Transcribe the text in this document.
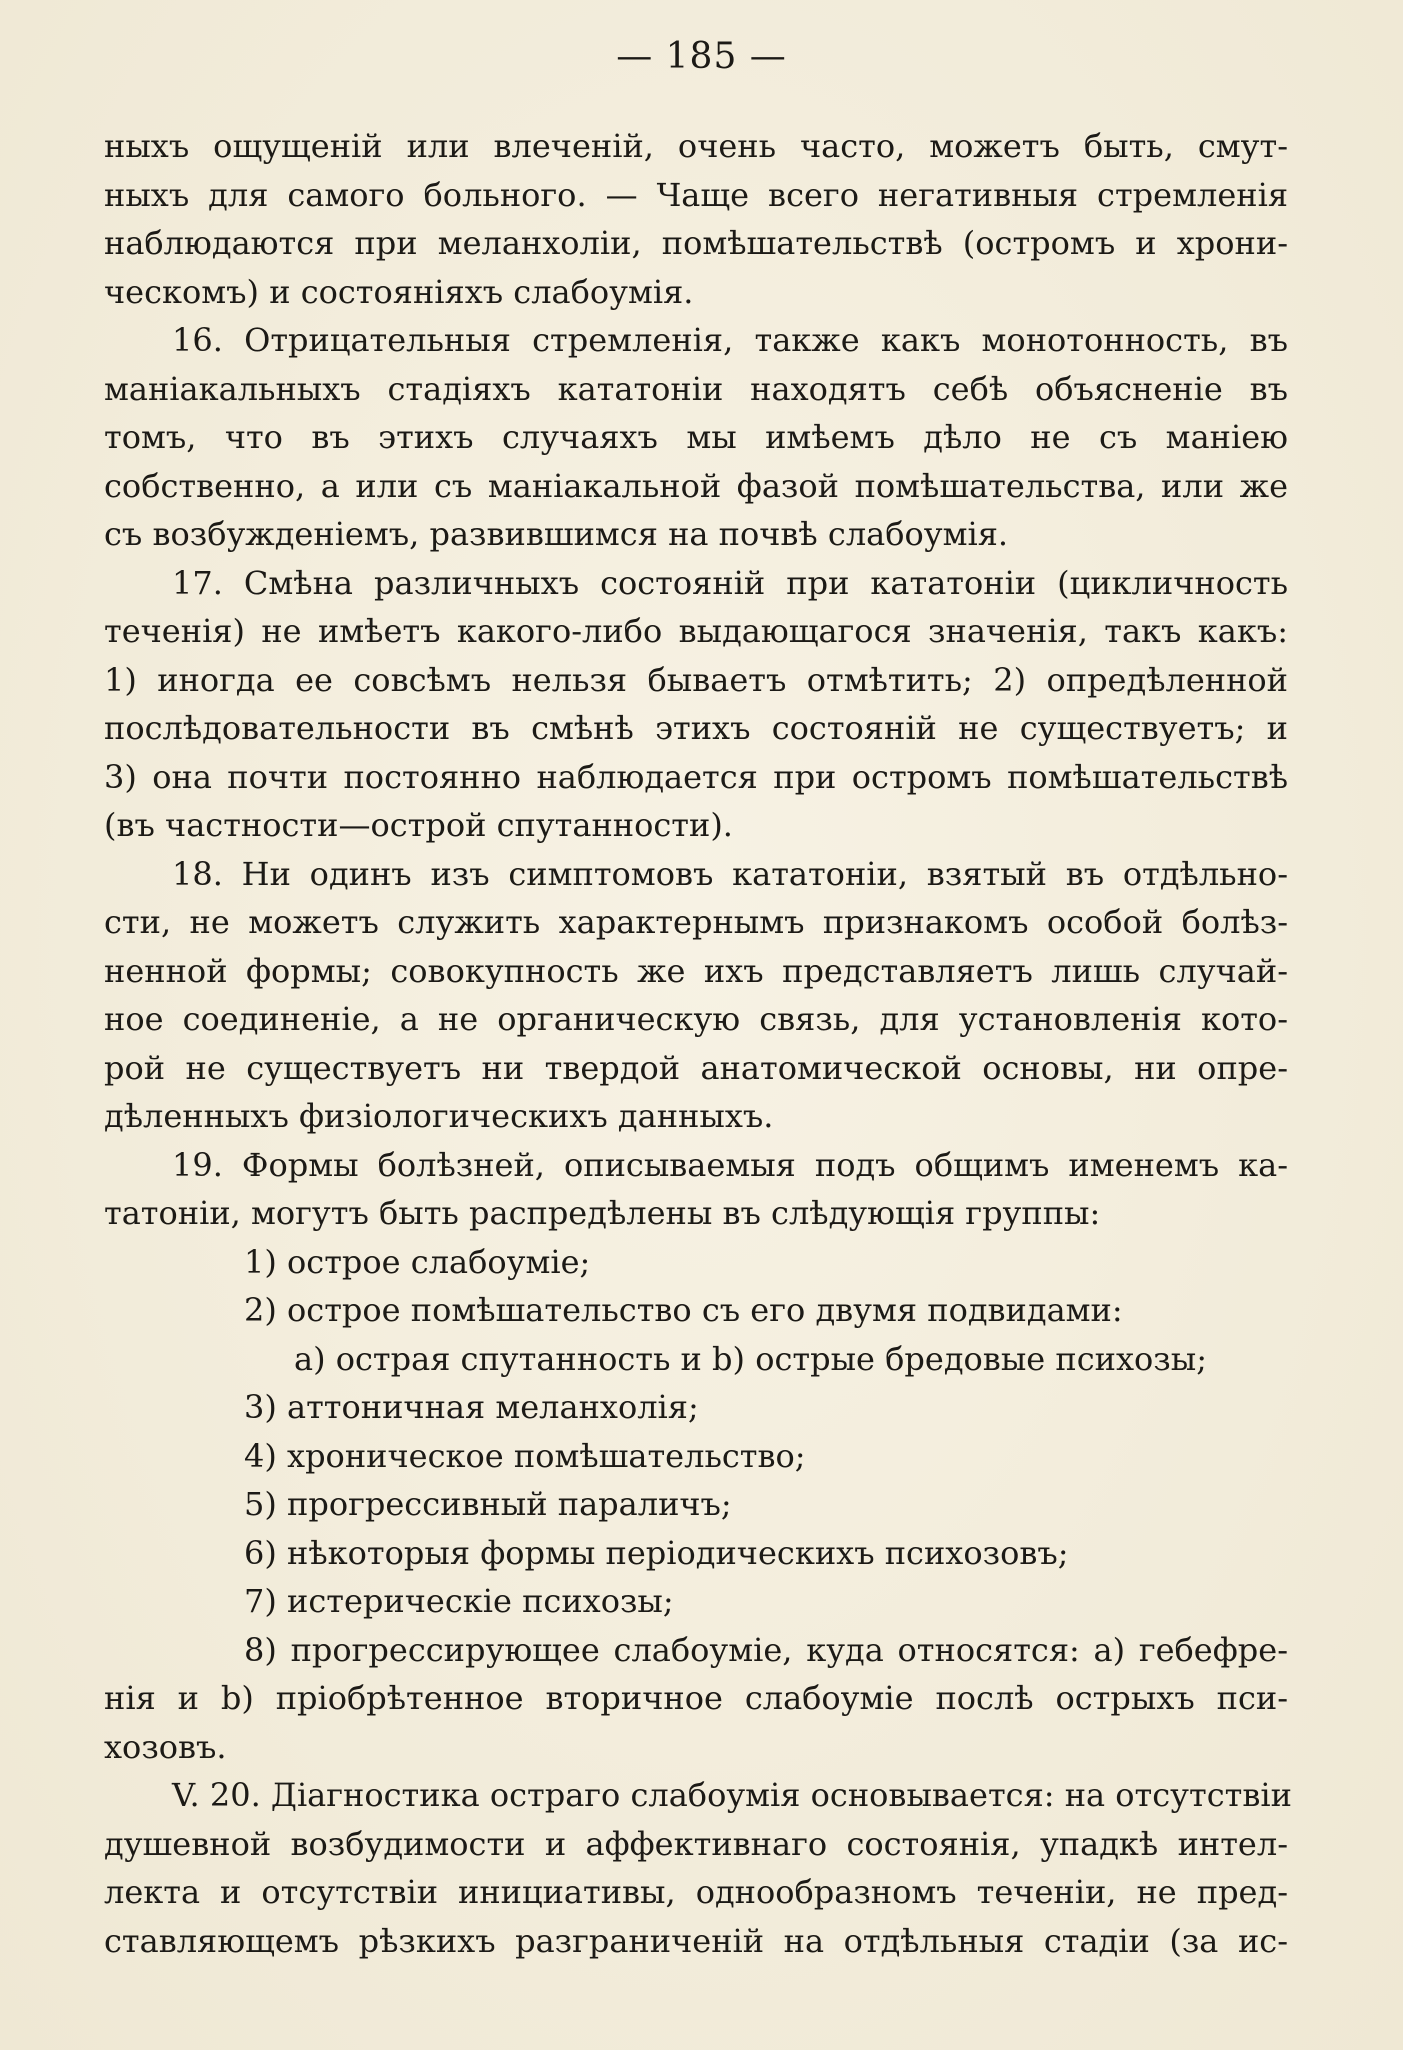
— 185 —
ныхъ ощущеній или влеченій, очень часто, можетъ быть, смут-
ныхъ для самого больного. — Чаще всего негативныя стремленія
наблюдаются при меланхоліи, помѣшательствѣ (остромъ и хрони-
ческомъ) и состояніяхъ слабоумія.
16. Отрицательныя стремленія, также какъ монотонность, въ
маніакальныхъ стадіяхъ кататоніи находятъ себѣ объясненіе въ
томъ, что въ этихъ случаяхъ мы имѣемъ дѣло не съ маніею
собственно, а или съ маніакальной фазой помѣшательства, или же
съ возбужденіемъ, развившимся на почвѣ слабоумія.
17. Смѣна различныхъ состояній при кататоніи (цикличность
теченія) не имѣетъ какого-либо выдающагося значенія, такъ какъ:
1) иногда ее совсѣмъ нельзя бываетъ отмѣтить; 2) опредѣленной
послѣдовательности въ смѣнѣ этихъ состояній не существуетъ; и
3) она почти постоянно наблюдается при остромъ помѣшательствѣ
(въ частности—острой спутанности).
18. Ни одинъ изъ симптомовъ кататоніи, взятый въ отдѣльно-
сти, не можетъ служить характернымъ признакомъ особой болѣз-
ненной формы; совокупность же ихъ представляетъ лишь случай-
ное соединеніе, а не органическую связь, для установленія кото-
рой не существуетъ ни твердой анатомической основы, ни опре-
дѣленныхъ физіологическихъ данныхъ.
19. Формы болѣзней, описываемыя подъ общимъ именемъ ка-
татоніи, могутъ быть распредѣлены въ слѣдующія группы:
1) острое слабоуміе;
2) острое помѣшательство съ его двумя подвидами:
a) острая спутанность и b) острые бредовые психозы;
3) аттоничная меланхолія;
4) хроническое помѣшательство;
5) прогрессивный параличъ;
6) нѣкоторыя формы періодическихъ психозовъ;
7) истерическіе психозы;
8) прогрессирующее слабоуміе, куда относятся: a) гебефре-
нія и b) пріобрѣтенное вторичное слабоуміе послѣ острыхъ пси-
хозовъ.
V. 20. Діагностика остраго слабоумія основывается: на отсутствіи
душевной возбудимости и аффективнаго состоянія, упадкѣ интел-
лекта и отсутствіи инициативы, однообразномъ теченіи, не пред-
ставляющемъ рѣзкихъ разграниченій на отдѣльныя стадіи (за ис-
